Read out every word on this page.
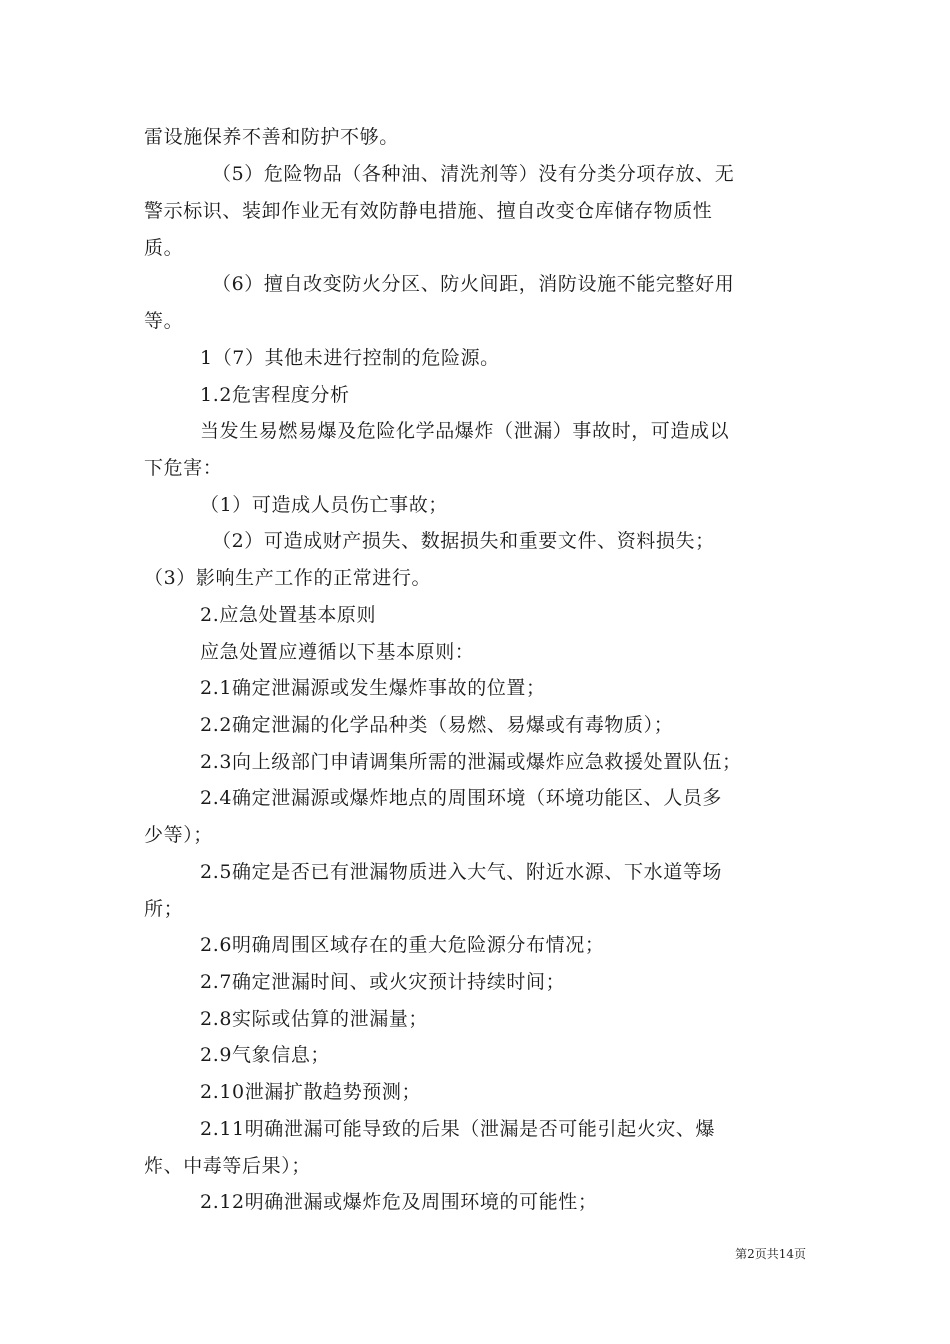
雷设施保养不善和防护不够。
（5）危险物品（各种油、清洗剂等）没有分类分项存放、无
警示标识、装卸作业无有效防静电措施、擅自改变仓库储存物质性
质。
（6）擅自改变防火分区、防火间距，消防设施不能完整好用
等。
1（7）其他未进行控制的危险源。
1.2危害程度分析
当发生易燃易爆及危险化学品爆炸（泄漏）事故时，可造成以
下危害：
（1）可造成人员伤亡事故；
（2）可造成财产损失、数据损失和重要文件、资料损失；
（3）影响生产工作的正常进行。
2.应急处置基本原则
应急处置应遵循以下基本原则：
2.1确定泄漏源或发生爆炸事故的位置；
2.2确定泄漏的化学品种类（易燃、易爆或有毒物质）；
2.3向上级部门申请调集所需的泄漏或爆炸应急救援处置队伍；
2.4确定泄漏源或爆炸地点的周围环境（环境功能区、人员多
少等）；
2.5确定是否已有泄漏物质进入大气、附近水源、下水道等场
所；
2.6明确周围区域存在的重大危险源分布情况；
2.7确定泄漏时间、或火灾预计持续时间；
2.8实际或估算的泄漏量；
2.9气象信息；
2.10泄漏扩散趋势预测；
2.11明确泄漏可能导致的后果（泄漏是否可能引起火灾、爆
炸、中毒等后果）；
2.12明确泄漏或爆炸危及周围环境的可能性；
第2页共14页
